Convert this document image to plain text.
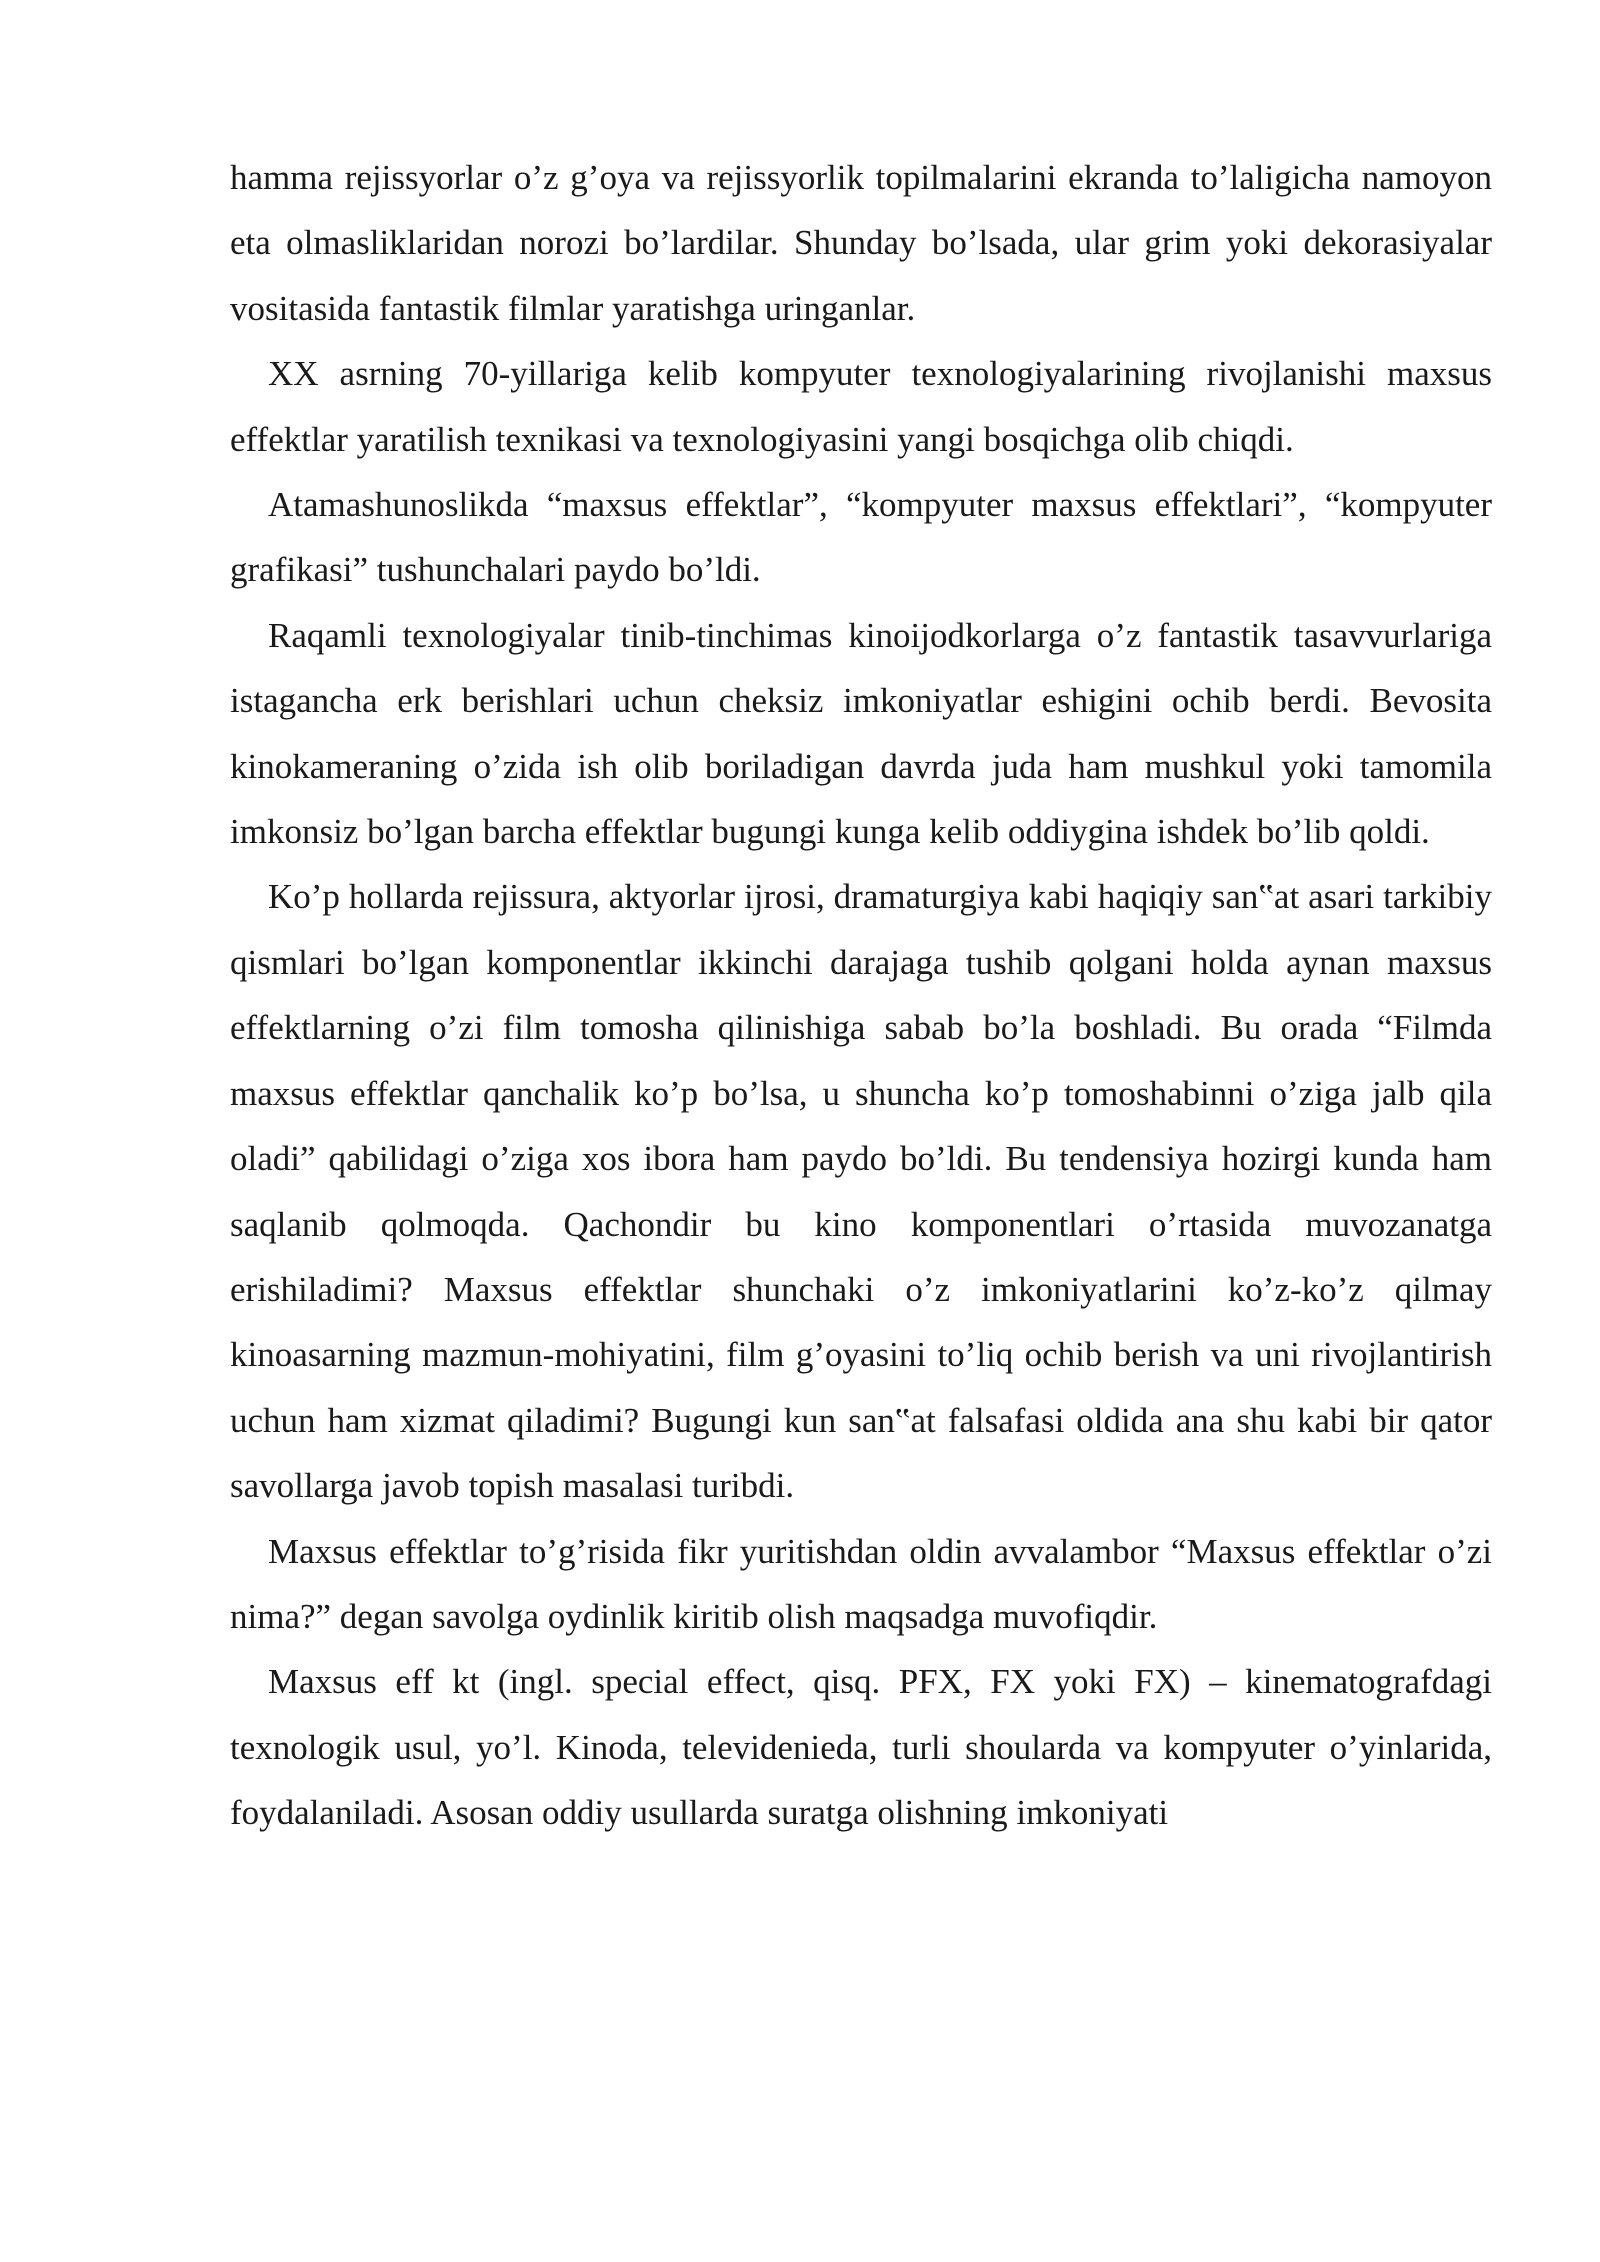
hamma rejissyorlar o’z g’oya va rejissyorlik topilmalarini ekranda to’laligicha namoyon eta olmasliklaridan norozi bo’lardilar. Shunday bo’lsada, ular grim yoki dekorasiyalar vositasida fantastik filmlar yaratishga uringanlar.

XX asrning 70-yillariga kelib kompyuter texnologiyalarining rivojlanishi maxsus effektlar yaratilish texnikasi va texnologiyasini yangi bosqichga olib chiqdi.

Atamashunoslikda “maxsus effektlar”, “kompyuter maxsus effektlari”, “kompyuter grafikasi” tushunchalari paydo bo’ldi.

Raqamli texnologiyalar tinib-tinchimas kinoijodkorlarga o’z fantastik tasavvurlariga istagancha erk berishlari uchun cheksiz imkoniyatlar eshigini ochib berdi. Bevosita kinokameraning o’zida ish olib boriladigan davrda juda ham mushkul yoki tamomila imkonsiz bo’lgan barcha effektlar bugungi kunga kelib oddiygina ishdek bo’lib qoldi.

Ko’p hollarda rejissura, aktyorlar ijrosi, dramaturgiya kabi haqiqiy san‟at asari tarkibiy qismlari bo’lgan komponentlar ikkinchi darajaga tushib qolgani holda aynan maxsus effektlarning o’zi film tomosha qilinishiga sabab bo’la boshladi. Bu orada “Filmda maxsus effektlar qanchalik ko’p bo’lsa, u shuncha ko’p tomoshabinni o’ziga jalb qila oladi” qabilidagi o’ziga xos ibora ham paydo bo’ldi. Bu tendensiya hozirgi kunda ham saqlanib qolmoqda. Qachondir bu kino komponentlari o’rtasida muvozanatga erishiladimi? Maxsus effektlar shunchaki o’z imkoniyatlarini ko’z-ko’z qilmay kinoasarning mazmun-mohiyatini, film g’oyasini to’liq ochib berish va uni rivojlantirish uchun ham xizmat qiladimi? Bugungi kun san‟at falsafasi oldida ana shu kabi bir qator savollarga javob topish masalasi turibdi.

Maxsus effektlar to’g’risida fikr yuritishdan oldin avvalambor “Maxsus effektlar o’zi nima?” degan savolga oydinlik kiritib olish maqsadga muvofiqdir.

Maxsus eff kt (ingl. special effect, qisq. PFX, FX yoki FX) – kinematografdagi texnologik usul, yo’l. Kinoda, televidenieda, turli shoularda va kompyuter o’yinlarida, foydalaniladi. Asosan oddiy usullarda suratga olishning imkoniyati
